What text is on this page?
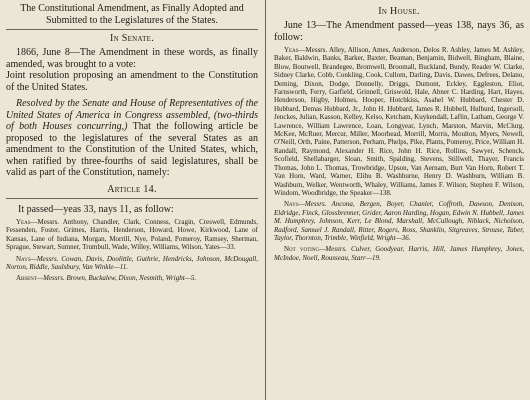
The Constitutional Amendment, as Finally Adopted and Submitted to the Legislatures of the States.

In Senate.

1866, June 8—The Amendment in these words, as finally amended, was brought to a vote:

Joint resolution proposing an amendment to the Constitution of the United States.

Resolved by the Senate and House of Representatives of the United States of America in Congress assembled, (two-thirds of both Houses concurring,) That the following article be proposed to the legislatures of the several States as an amendment to the Constitution of the United States, which, when ratified by three-fourths of said legislatures, shall be valid as part of the Constitution, namely:

Article 14.

It passed—yeas 33, nays 11, as follow:

Yeas—Messrs. Anthony, Chandler, Clark, Conness, Cragin, Creswell, Edmunds, Fessenden, Foster, Grimes, Harris, Henderson, Howard, Howe, Kirkwood, Lane of Kansas, Lane of Indiana, Morgan, Morrill, Nye, Poland, Pomeroy, Ramsey, Sherman, Sprague, Stewart, Sumner, Trumbull, Wade, Willey, Williams, Wilson, Yates—33.

Nays—Messrs. Cowan, Davis, Doolittle, Guthrie, Hendricks, Johnson, McDougall, Norton, Riddle, Saulsbury, Van Winkle—11.

Absent—Messrs. Brown, Buckalew, Dixon, Nesmith, Wright—5.

In House.

June 13—The Amendment passed—yeas 138, nays 36, as follow:

Yeas—Messrs. Alley, Allison, Ames, Anderson, Delos R. Ashley, James M. Ashley, Baker, Baldwin, Banks, Barker, Baxter, Beaman, Benjamin, Bidwell, Bingham, Blaine, Blow, Boutwell, Brandegee, Bromwell, Broomall, Buckland, Bundy, Reader W. Clarke, Sidney Clarke, Cobb, Conkling, Cook, Cullom, Darling, Davis, Dawes, Defrees, Delano, Deming, Dixon, Dodge, Donnelly, Driggs, Dumont, Eckley, Eggleston, Eliot, Farnsworth, Ferry, Garfield, Grinnell, Griswold, Hale, Abner C. Harding, Hart, Hayes, Henderson, Higby, Holmes, Hooper, Hotchkiss, Asahel W. Hubbard, Chester D. Hubbard, Demas Hubbard, Jr., John H. Hubbard, James R. Hubbell, Hulburd, Ingersoll, Jenckes, Julian, Kasson, Kelley, Kelso, Ketcham, Kuykendall, Laflin, Latham, George V. Lawrence, William Lawrence, Loan, Longyear, Lynch, Marston, Marvin, McClurg, McKee, McRuer, Mercur, Miller, Moorhead, Morrill, Morris, Moulton, Myers, Newell, O'Neill, Orth, Paine, Patterson, Perham, Phelps, Pike, Plants, Pomeroy, Price, William H. Randall, Raymond, Alexander H. Rice, John H. Rice, Rollins, Sawyer, Schenck, Scofield, Shellabarger, Sloan, Smith, Spalding, Stevens, Stillwell, Thayer, Francis Thomas, John L. Thomas, Trowbridge, Upson, Van Aernam, Burt Van Horn, Robert T. Van Horn, Ward, Warner, Elihu B. Washburne, Henry D. Washburn, William B. Washburn, Welker, Wentworth, Whaley, Williams, James F. Wilson, Stephen F. Wilson, Windom, Woodbridge, the Speaker—138.

Nays—Messrs. Ancona, Bergen, Boyer, Chanler, Coffroth, Dawson, Denison, Eldridge, Finck, Glossbrenner, Grider, Aaron Harding, Hogan, Edwin N. Hubbell, James M. Humphrey, Johnson, Kerr, Le Blond, Marshall, McCullough, Niblack, Nicholson, Radford, Samuel J. Randall, Ritter, Rogers, Ross, Shanklin, Sitgreaves, Strouse, Taber, Taylor, Thornton, Trimble, Winfield, Wright—36.

Not voting—Messrs. Culver, Goodyear, Harris, Hill, James Humphrey, Jones, McIndoe, Noell, Rousseau, Starr—19.
